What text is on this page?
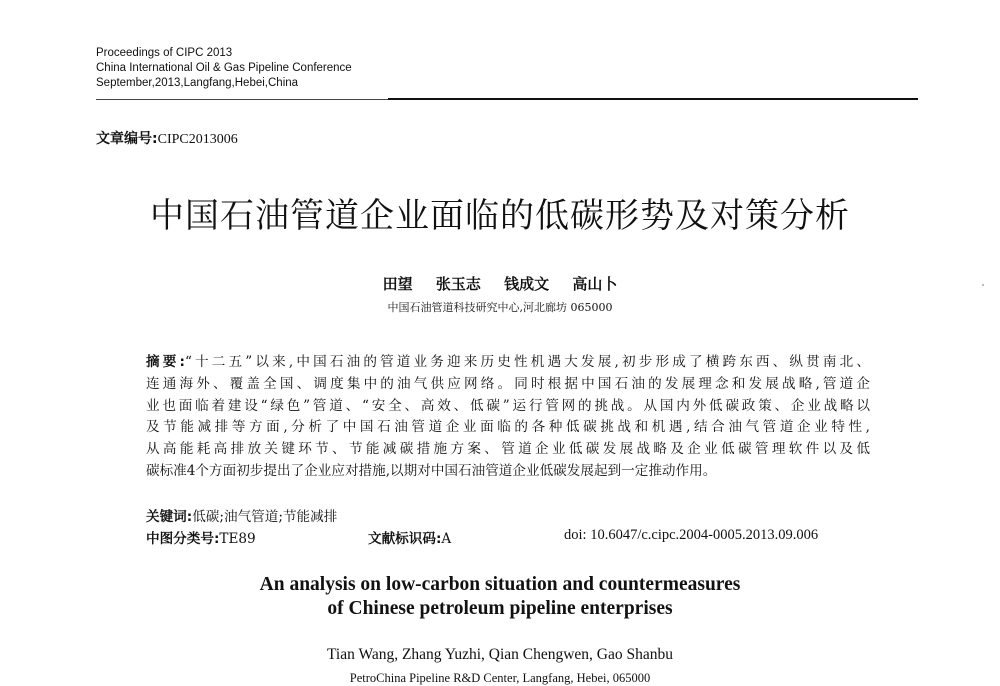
Proceedings of CIPC 2013
China International Oil & Gas Pipeline Conference
September,2013,Langfang,Hebei,China
文章编号:CIPC2013006
中国石油管道企业面临的低碳形势及对策分析
田望 张玉志 钱成文 高山卜
中国石油管道科技研究中心,河北廊坊 065000
摘要:“十二五”以来,中国石油的管道业务迎来历史性机遇大发展,初步形成了横跨东西、纵贯南北、
连通海外、覆盖全国、调度集中的油气供应网络。同时根据中国石油的发展理念和发展战略,管道企
业也面临着建设“绿色”管道、“安全、高效、低碳”运行管网的挑战。从国内外低碳政策、企业战略以
及节能减排等方面,分析了中国石油管道企业面临的各种低碳挑战和机遇,结合油气管道企业特性,
从高能耗高排放关键环节、节能减碳措施方案、管道企业低碳发展战略及企业低碳管理软件以及低
碳标准4个方面初步提出了企业应对措施,以期对中国石油管道企业低碳发展起到一定推动作用。
关键词:低碳;油气管道;节能减排
中图分类号:TE89	文献标识码:A	doi: 10.6047/c.cipc.2004-0005.2013.09.006
An analysis on low-carbon situation and countermeasures
of Chinese petroleum pipeline enterprises
Tian Wang, Zhang Yuzhi, Qian Chengwen, Gao Shanbu
PetroChina Pipeline R&D Center, Langfang, Hebei, 065000
